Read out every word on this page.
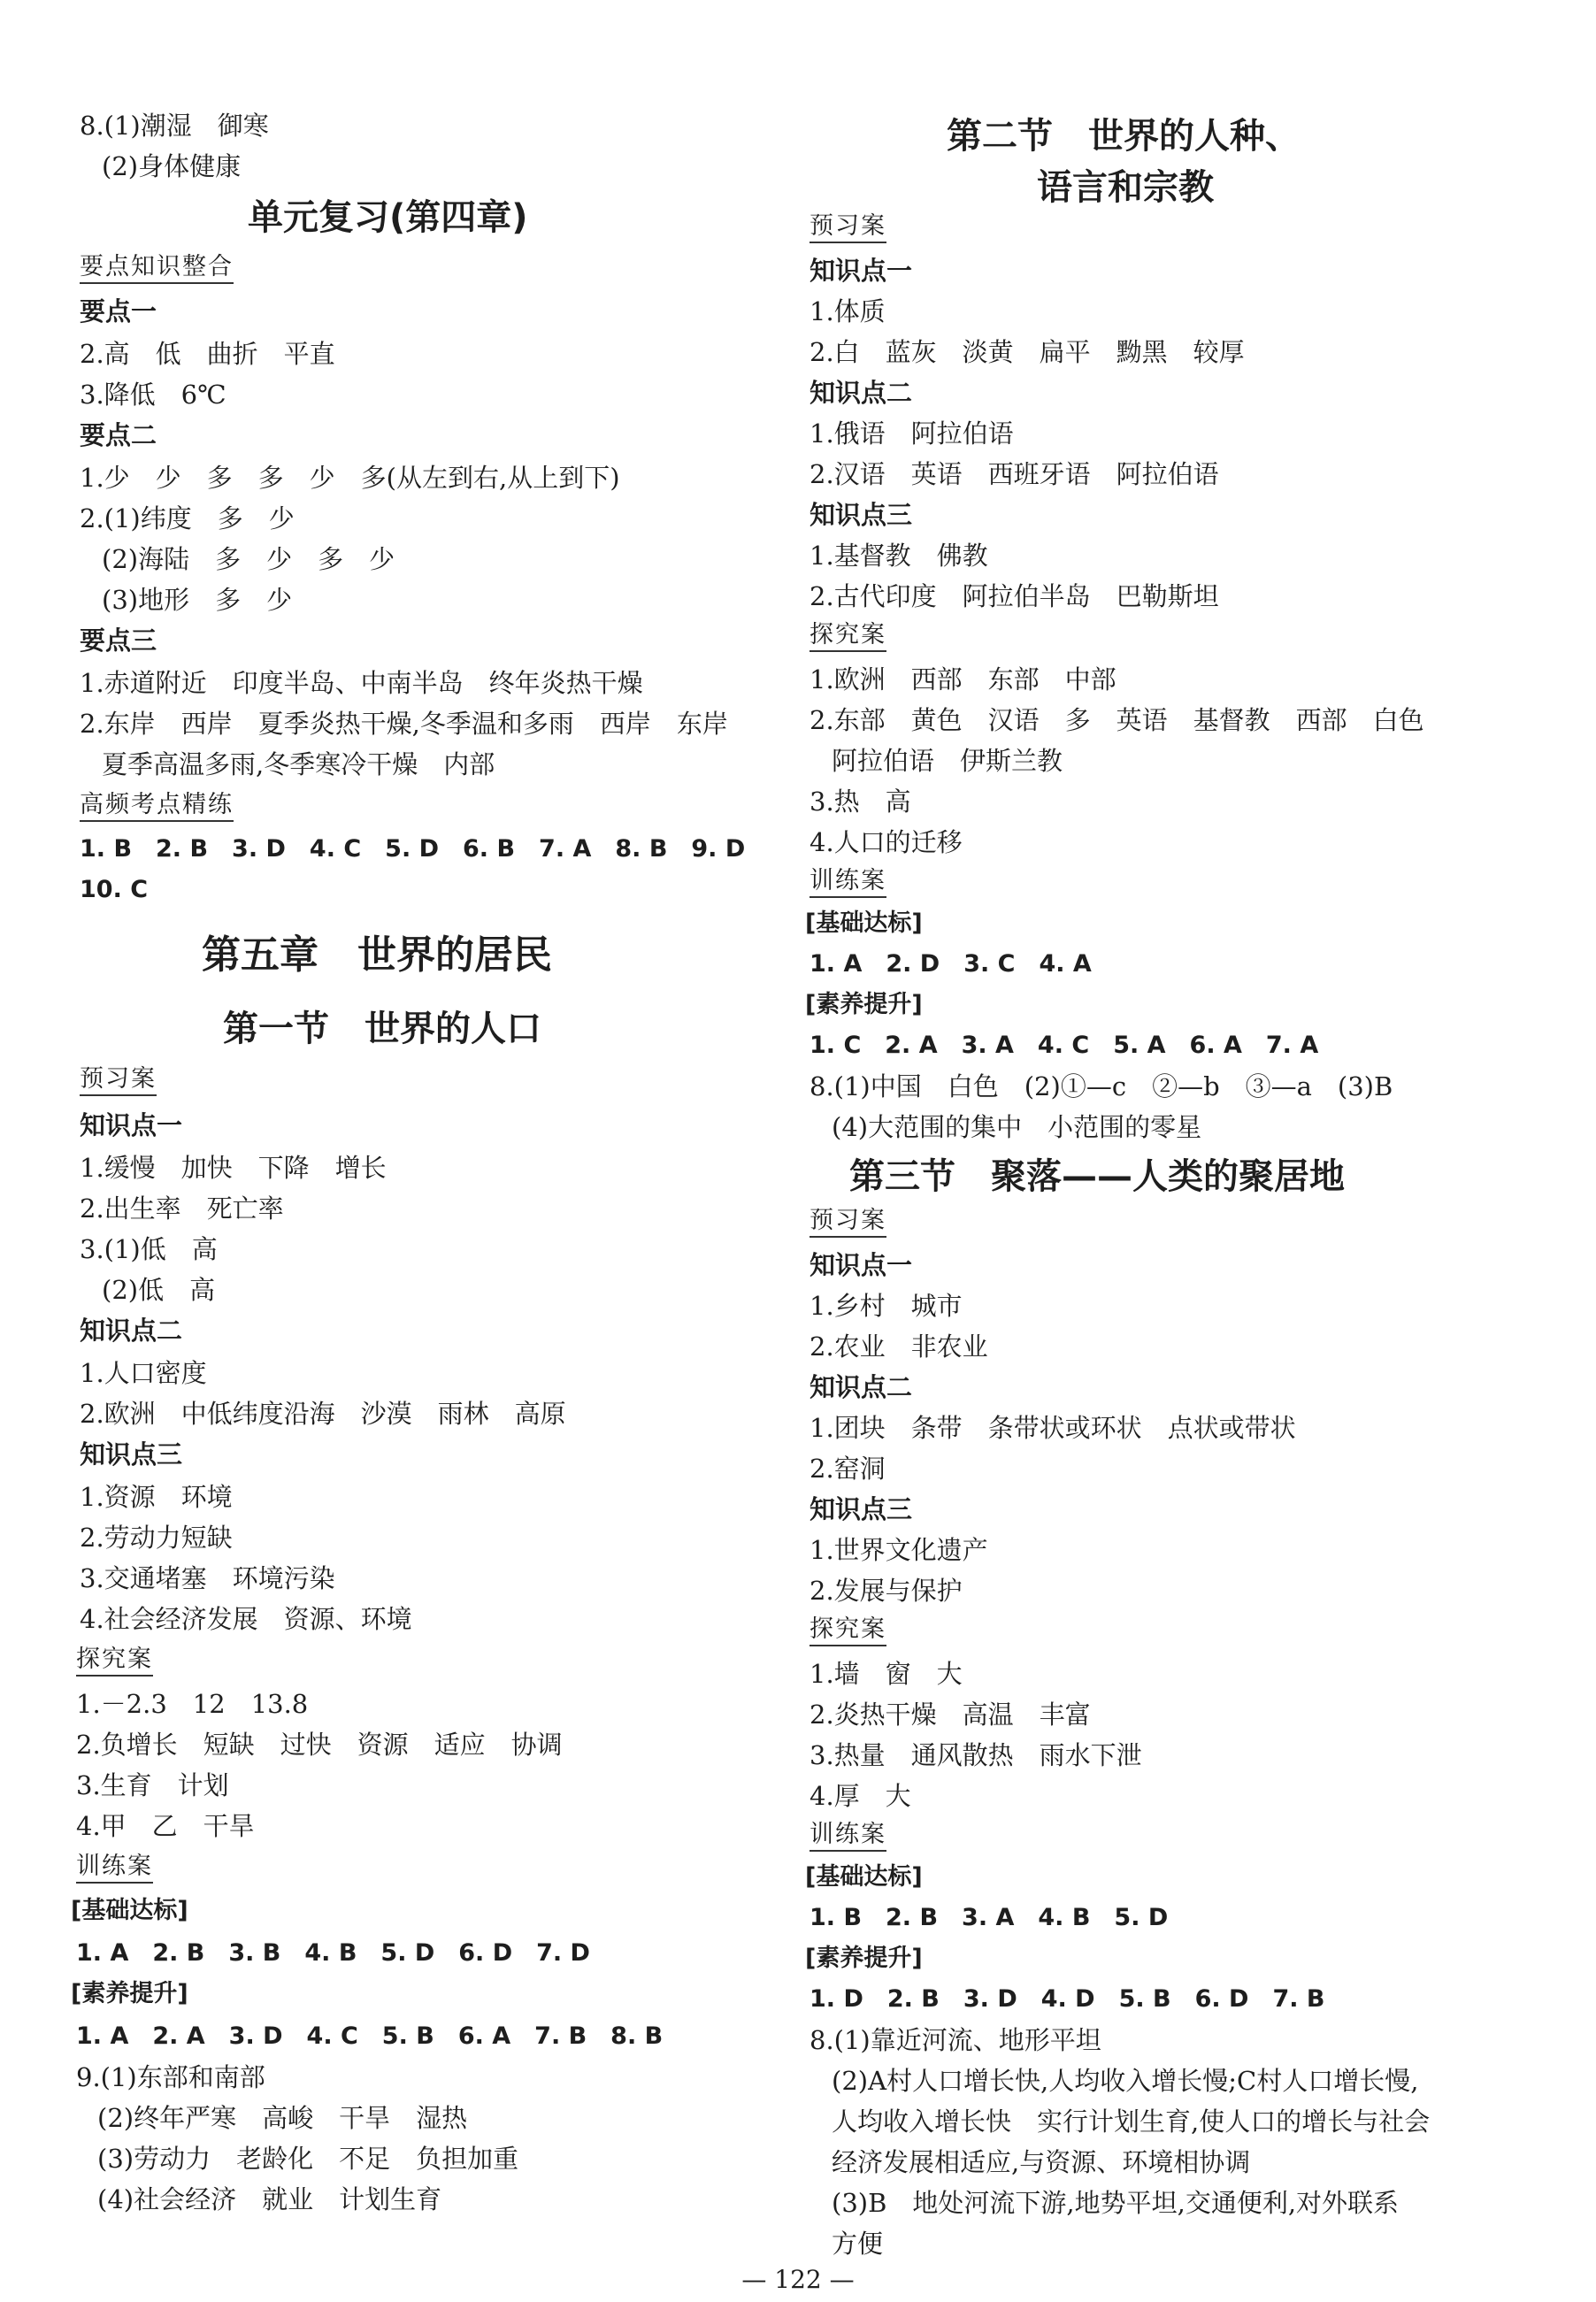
8.(1)潮湿　御寒
(2)身体健康
单元复习(第四章)
要点知识整合
要点一
2.高　低　曲折　平直
3.降低　6℃
要点二
1.少　少　多　多　少　多(从左到右,从上到下)
2.(1)纬度　多　少
(2)海陆　多　少　多　少
(3)地形　多　少
要点三
1.赤道附近　印度半岛、中南半岛　终年炎热干燥
2.东岸　西岸　夏季炎热干燥,冬季温和多雨　西岸　东岸
夏季高温多雨,冬季寒冷干燥　内部
高频考点精练
1. B　2. B　3. D　4. C　5. D　6. B　7. A　8. B　9. D
10. C
第五章　世界的居民
第一节　世界的人口
预习案
知识点一
1.缓慢　加快　下降　增长
2.出生率　死亡率
3.(1)低　高
(2)低　高
知识点二
1.人口密度
2.欧洲　中低纬度沿海　沙漠　雨林　高原
知识点三
1.资源　环境
2.劳动力短缺
3.交通堵塞　环境污染
4.社会经济发展　资源、环境
探究案
1.－2.3　12　13.8
2.负增长　短缺　过快　资源　适应　协调
3.生育　计划
4.甲　乙　干旱
训练案
[基础达标]
1. A　2. B　3. B　4. B　5. D　6. D　7. D
[素养提升]
1. A　2. A　3. D　4. C　5. B　6. A　7. B　8. B
9.(1)东部和南部
(2)终年严寒　高峻　干旱　湿热
(3)劳动力　老龄化　不足　负担加重
(4)社会经济　就业　计划生育
第二节　世界的人种、
语言和宗教
预习案
知识点一
1.体质
2.白　蓝灰　淡黄　扁平　黝黑　较厚
知识点二
1.俄语　阿拉伯语
2.汉语　英语　西班牙语　阿拉伯语
知识点三
1.基督教　佛教
2.古代印度　阿拉伯半岛　巴勒斯坦
探究案
1.欧洲　西部　东部　中部
2.东部　黄色　汉语　多　英语　基督教　西部　白色
阿拉伯语　伊斯兰教
3.热　高
4.人口的迁移
训练案
[基础达标]
1. A　2. D　3. C　4. A
[素养提升]
1. C　2. A　3. A　4. C　5. A　6. A　7. A
8.(1)中国　白色　(2)①—c　②—b　③—a　(3)B
(4)大范围的集中　小范围的零星
第三节　聚落——人类的聚居地
预习案
知识点一
1.乡村　城市
2.农业　非农业
知识点二
1.团块　条带　条带状或环状　点状或带状
2.窑洞
知识点三
1.世界文化遗产
2.发展与保护
探究案
1.墙　窗　大
2.炎热干燥　高温　丰富
3.热量　通风散热　雨水下泄
4.厚　大
训练案
[基础达标]
1. B　2. B　3. A　4. B　5. D
[素养提升]
1. D　2. B　3. D　4. D　5. B　6. D　7. B
8.(1)靠近河流、地形平坦
(2)A村人口增长快,人均收入增长慢;C村人口增长慢,
人均收入增长快　实行计划生育,使人口的增长与社会
经济发展相适应,与资源、环境相协调
(3)B　地处河流下游,地势平坦,交通便利,对外联系
方便
— 122 —
